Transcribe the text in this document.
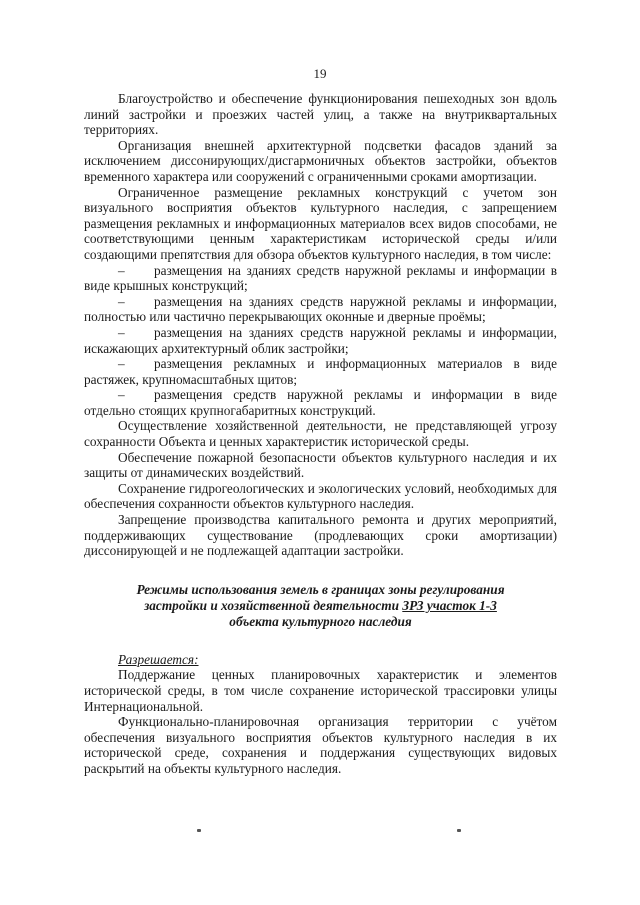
19

Благоустройство и обеспечение функционирования пешеходных зон вдоль линий застройки и проезжих частей улиц, а также на внутриквартальных территориях.

Организация внешней архитектурной подсветки фасадов зданий за исключением диссонирующих/дисгармоничных объектов застройки, объектов временного характера или сооружений с ограниченными сроками амортизации.

Ограниченное размещение рекламных конструкций с учетом зон визуального восприятия объектов культурного наследия, с запрещением размещения рекламных и информационных материалов всех видов способами, не соответствующими ценным характеристикам исторической среды и/или создающими препятствия для обзора объектов культурного наследия, в том числе:

– размещения на зданиях средств наружной рекламы и информации в виде крышных конструкций;

– размещения на зданиях средств наружной рекламы и информации, полностью или частично перекрывающих оконные и дверные проёмы;

– размещения на зданиях средств наружной рекламы и информации, искажающих архитектурный облик застройки;

– размещения рекламных и информационных материалов в виде растяжек, крупномасштабных щитов;

– размещения средств наружной рекламы и информации в виде отдельно стоящих крупногабаритных конструкций.

Осуществление хозяйственной деятельности, не представляющей угрозу сохранности Объекта и ценных характеристик исторической среды.

Обеспечение пожарной безопасности объектов культурного наследия и их защиты от динамических воздействий.

Сохранение гидрогеологических и экологических условий, необходимых для обеспечения сохранности объектов культурного наследия.

Запрещение производства капитального ремонта и других мероприятий, поддерживающих существование (продлевающих сроки амортизации) диссонирующей и не подлежащей адаптации застройки.

Режимы использования земель в границах зоны регулирования
застройки и хозяйственной деятельности ЗРЗ участок 1-3
объекта культурного наследия

Разрешается:

Поддержание ценных планировочных характеристик и элементов исторической среды, в том числе сохранение исторической трассировки улицы Интернациональной.

Функционально-планировочная организация территории с учётом обеспечения визуального восприятия объектов культурного наследия в их исторической среде, сохранения и поддержания существующих видовых раскрытий на объекты культурного наследия.
